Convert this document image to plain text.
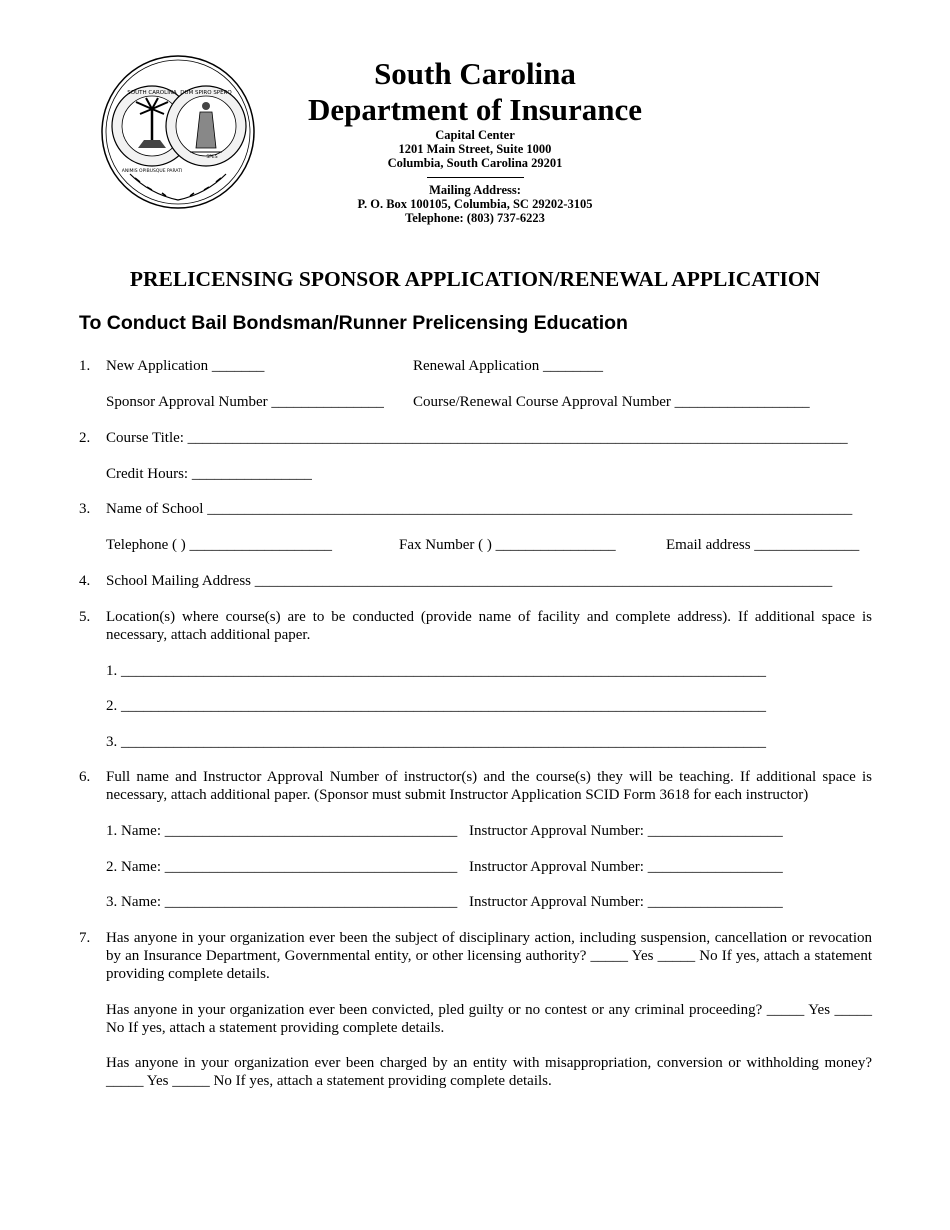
SOUTH CAROLINA DUM SPIRO SPERO
ANIMIS OPIBUSQUE PARATI
SPES
South Carolina
Department of Insurance
Capital Center
1201 Main Street, Suite 1000
Columbia, South Carolina 29201
Mailing Address:
P. O. Box 100105, Columbia, SC 29202-3105
Telephone: (803) 737-6223
PRELICENSING SPONSOR APPLICATION/RENEWAL APPLICATION
To Conduct Bail Bondsman/Runner Prelicensing Education
1. New Application _______	Renewal Application ________
Sponsor Approval Number _______________ Course/Renewal Course Approval Number __________________
2. Course Title: ________________________________________________________________________________________
Credit Hours: ________________
3. Name of School ______________________________________________________________________________________
Telephone ( ) ___________________	Fax Number ( ) ________________	Email address ______________
4. School Mailing Address _____________________________________________________________________________
5. Location(s) where course(s) are to be conducted (provide name of facility and complete address). If additional space is necessary, attach additional paper.
1. ______________________________________________________________________________________
2. ______________________________________________________________________________________
3. ______________________________________________________________________________________
6. Full name and Instructor Approval Number of instructor(s) and the course(s) they will be teaching. If additional space is necessary, attach additional paper. (Sponsor must submit Instructor Application SCID Form 3618 for each instructor)
1. Name: _______________________________________ Instructor Approval Number: __________________
2. Name: _______________________________________ Instructor Approval Number: __________________
3. Name: _______________________________________ Instructor Approval Number: __________________
7. Has anyone in your organization ever been the subject of disciplinary action, including suspension, cancellation or revocation by an Insurance Department, Governmental entity, or other licensing authority? _____ Yes _____ No If yes, attach a statement providing complete details.
Has anyone in your organization ever been convicted, pled guilty or no contest or any criminal proceeding? _____ Yes _____ No If yes, attach a statement providing complete details.
Has anyone in your organization ever been charged by an entity with misappropriation, conversion or withholding money? _____ Yes _____ No If yes, attach a statement providing complete details.
